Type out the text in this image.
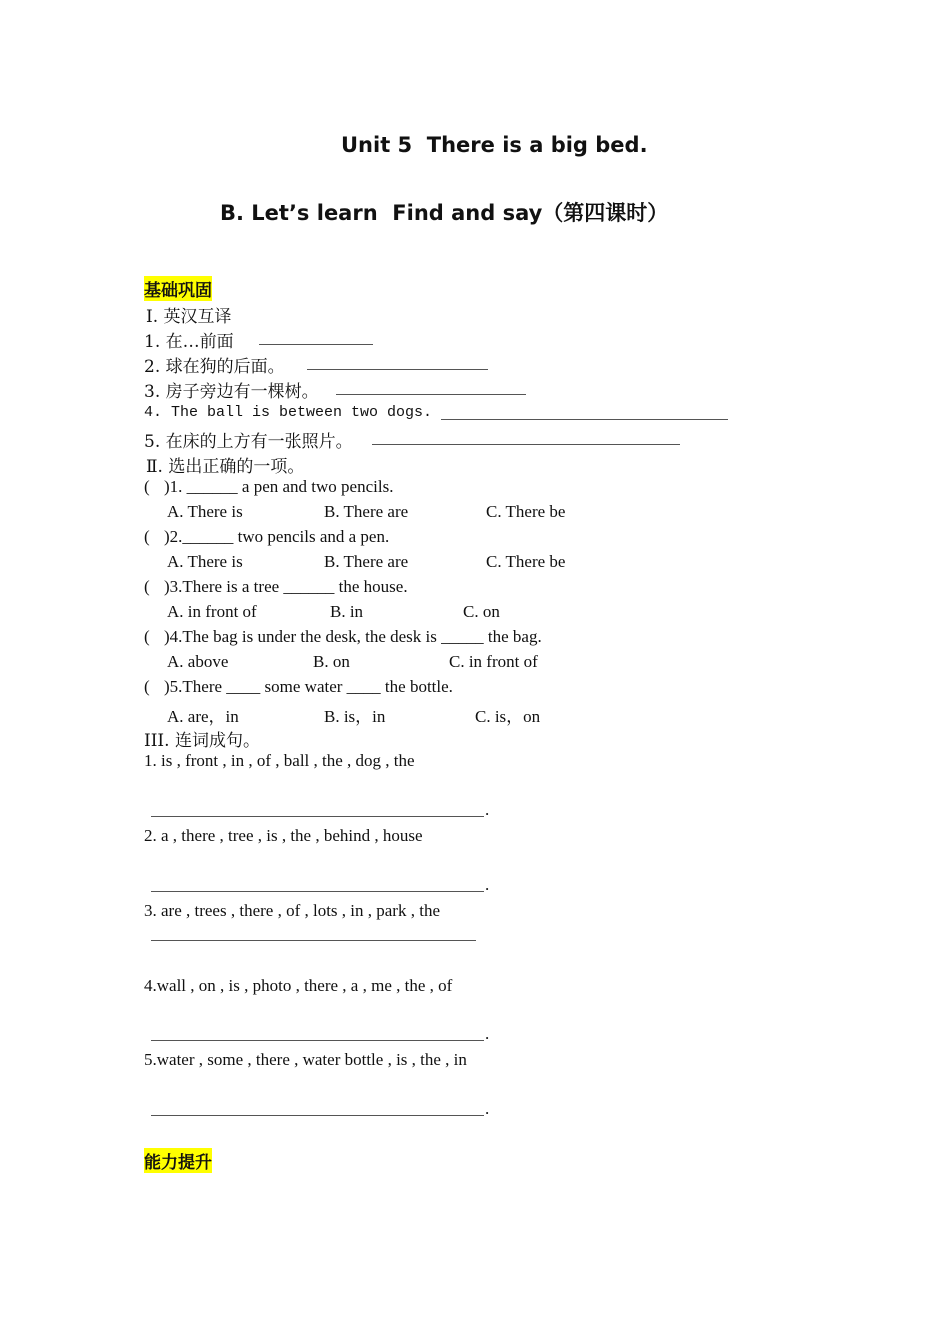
Unit 5  There is a big bed.
B. Let’s learn  Find and say（第四课时）
基础巩固
Ⅰ. 英汉互译
1. 在…前面
2. 球在狗的后面。
3. 房子旁边有一棵树。
4. The ball is between two dogs.
5. 在床的上方有一张照片。
Ⅱ. 选出正确的一项。
( )1. ______ a pen and two pencils.
A. There is	B. There are	C. There be
( )2.______ two pencils and a pen.
A. There is	B. There are	C. There be
( )3.There is a tree ______ the house.
A. in front of	B. in	C. on
( )4.The bag is under the desk, the desk is _____ the bag.
A. above	B. on	C. in front of
( )5.There ____ some water ____ the bottle.
A. are，in	B. is，in	C. is，on
III. 连词成句。
1. is , front , in , of , ball , the , dog , the
.
2. a , there , tree , is , the , behind , house
.
3. are , trees , there , of , lots , in , park , the
4.wall , on , is , photo , there , a , me , the , of
.
5.water , some , there , water bottle , is , the , in
.
能力提升
